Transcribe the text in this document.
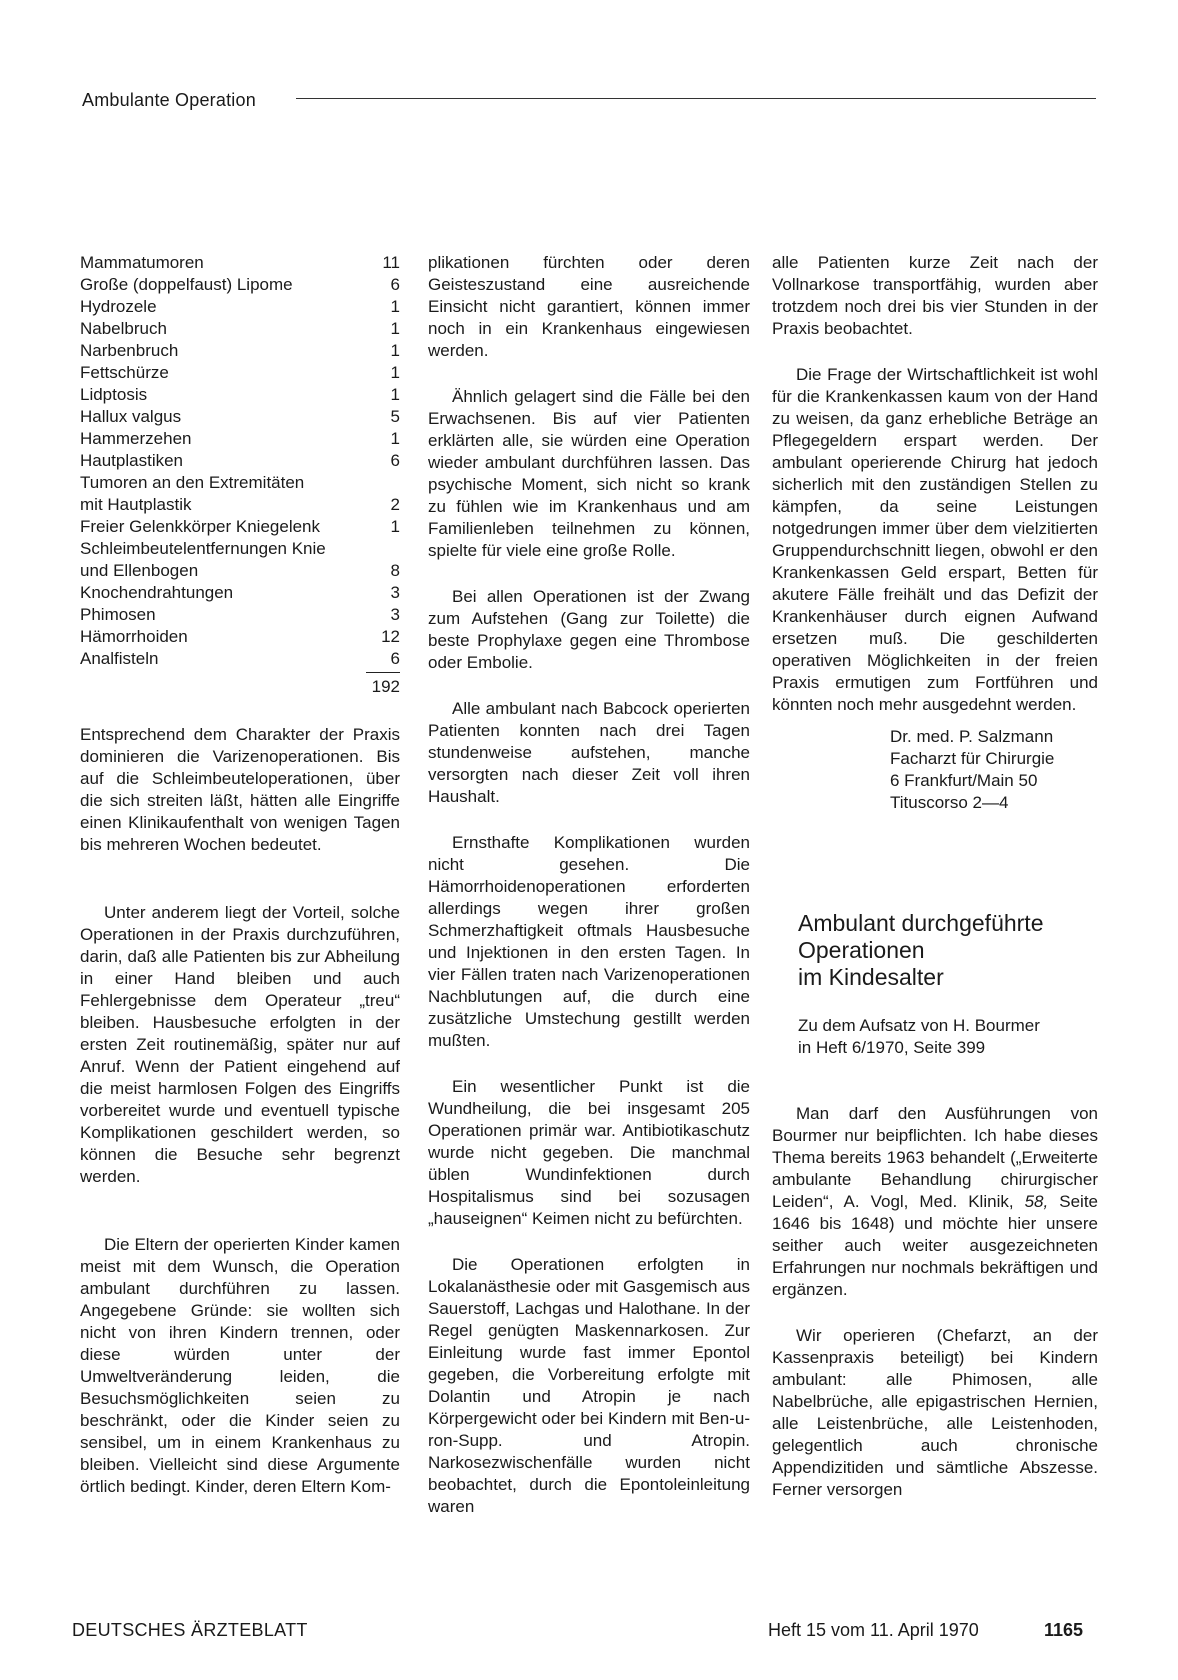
Ambulante Operation
Mammatumoren	11
Große (doppelfaust) Lipome	6
Hydrozele	1
Nabelbruch	1
Narbenbruch	1
Fettschürze	1
Lidptosis	1
Hallux valgus	5
Hammerzehen	1
Hautplastiken	6
Tumoren an den Extremitäten	
mit Hautplastik	2
Freier Gelenkkörper Kniegelenk	1
Schleimbeutelentfernungen Knie	
und Ellenbogen	8
Knochendrahtungen	3
Phimosen	3
Hämorrhoiden	12
Analfisteln	6
	192

Entsprechend dem Charakter der Praxis dominieren die Varizenoperationen. Bis auf die Schleimbeuteloperationen, über die sich streiten läßt, hätten alle Eingriffe einen Klinikaufenthalt von wenigen Tagen bis mehreren Wochen bedeutet.

Unter anderem liegt der Vorteil, solche Operationen in der Praxis durchzuführen, darin, daß alle Patienten bis zur Abheilung in einer Hand bleiben und auch Fehlergebnisse dem Operateur „treu“ bleiben. Hausbesuche erfolgten in der ersten Zeit routinemäßig, später nur auf Anruf. Wenn der Patient eingehend auf die meist harmlosen Folgen des Eingriffs vorbereitet wurde und eventuell typische Komplikationen geschildert werden, so können die Besuche sehr begrenzt werden.

Die Eltern der operierten Kinder kamen meist mit dem Wunsch, die Operation ambulant durchführen zu lassen. Angegebene Gründe: sie wollten sich nicht von ihren Kindern trennen, oder diese würden unter der Umweltveränderung leiden, die Besuchsmöglichkeiten seien zu beschränkt, oder die Kinder seien zu sensibel, um in einem Krankenhaus zu bleiben. Vielleicht sind diese Argumente örtlich bedingt. Kinder, deren Eltern Kom-

plikationen fürchten oder deren Geisteszustand eine ausreichende Einsicht nicht garantiert, können immer noch in ein Krankenhaus eingewiesen werden.

Ähnlich gelagert sind die Fälle bei den Erwachsenen. Bis auf vier Patienten erklärten alle, sie würden eine Operation wieder ambulant durchführen lassen. Das psychische Moment, sich nicht so krank zu fühlen wie im Krankenhaus und am Familienleben teilnehmen zu können, spielte für viele eine große Rolle.

Bei allen Operationen ist der Zwang zum Aufstehen (Gang zur Toilette) die beste Prophylaxe gegen eine Thrombose oder Embolie.

Alle ambulant nach Babcock operierten Patienten konnten nach drei Tagen stundenweise aufstehen, manche versorgten nach dieser Zeit voll ihren Haushalt.

Ernsthafte Komplikationen wurden nicht gesehen. Die Hämorrhoidenoperationen erforderten allerdings wegen ihrer großen Schmerzhaftigkeit oftmals Hausbesuche und Injektionen in den ersten Tagen. In vier Fällen traten nach Varizenoperationen Nachblutungen auf, die durch eine zusätzliche Umstechung gestillt werden mußten.

Ein wesentlicher Punkt ist die Wundheilung, die bei insgesamt 205 Operationen primär war. Antibiotikaschutz wurde nicht gegeben. Die manchmal üblen Wundinfektionen durch Hospitalismus sind bei sozusagen „hauseignen“ Keimen nicht zu befürchten.

Die Operationen erfolgten in Lokalanästhesie oder mit Gasgemisch aus Sauerstoff, Lachgas und Halothane. In der Regel genügten Maskennarkosen. Zur Einleitung wurde fast immer Epontol gegeben, die Vorbereitung erfolgte mit Dolantin und Atropin je nach Körpergewicht oder bei Kindern mit Ben-u-ron-Supp. und Atropin. Narkosezwischenfälle wurden nicht beobachtet, durch die Epontoleinleitung waren

alle Patienten kurze Zeit nach der Vollnarkose transportfähig, wurden aber trotzdem noch drei bis vier Stunden in der Praxis beobachtet.

Die Frage der Wirtschaftlichkeit ist wohl für die Krankenkassen kaum von der Hand zu weisen, da ganz erhebliche Beträge an Pflegegeldern erspart werden. Der ambulant operierende Chirurg hat jedoch sicherlich mit den zuständigen Stellen zu kämpfen, da seine Leistungen notgedrungen immer über dem vielzitierten Gruppendurchschnitt liegen, obwohl er den Krankenkassen Geld erspart, Betten für akutere Fälle freihält und das Defizit der Krankenhäuser durch eignen Aufwand ersetzen muß. Die geschilderten operativen Möglichkeiten in der freien Praxis ermutigen zum Fortführen und könnten noch mehr ausgedehnt werden.

Dr. med. P. Salzmann
Facharzt für Chirurgie
6 Frankfurt/Main 50
Tituscorso 2—4
Ambulant durchgeführte
Operationen
im Kindesalter
Zu dem Aufsatz von H. Bourmer
in Heft 6/1970, Seite 399

Man darf den Ausführungen von Bourmer nur beipflichten. Ich habe dieses Thema bereits 1963 behandelt („Erweiterte ambulante Behandlung chirurgischer Leiden“, A. Vogl, Med. Klinik, 58, Seite 1646 bis 1648) und möchte hier unsere seither auch weiter ausgezeichneten Erfahrungen nur nochmals bekräftigen und ergänzen.

Wir operieren (Chefarzt, an der Kassenpraxis beteiligt) bei Kindern ambulant: alle Phimosen, alle Nabelbrüche, alle epigastrischen Hernien, alle Leistenbrüche, alle Leistenhoden, gelegentlich auch chronische Appendizitiden und sämtliche Abszesse. Ferner versorgen

DEUTSCHES ÄRZTEBLATT	Heft 15 vom 11. April 1970	1165
